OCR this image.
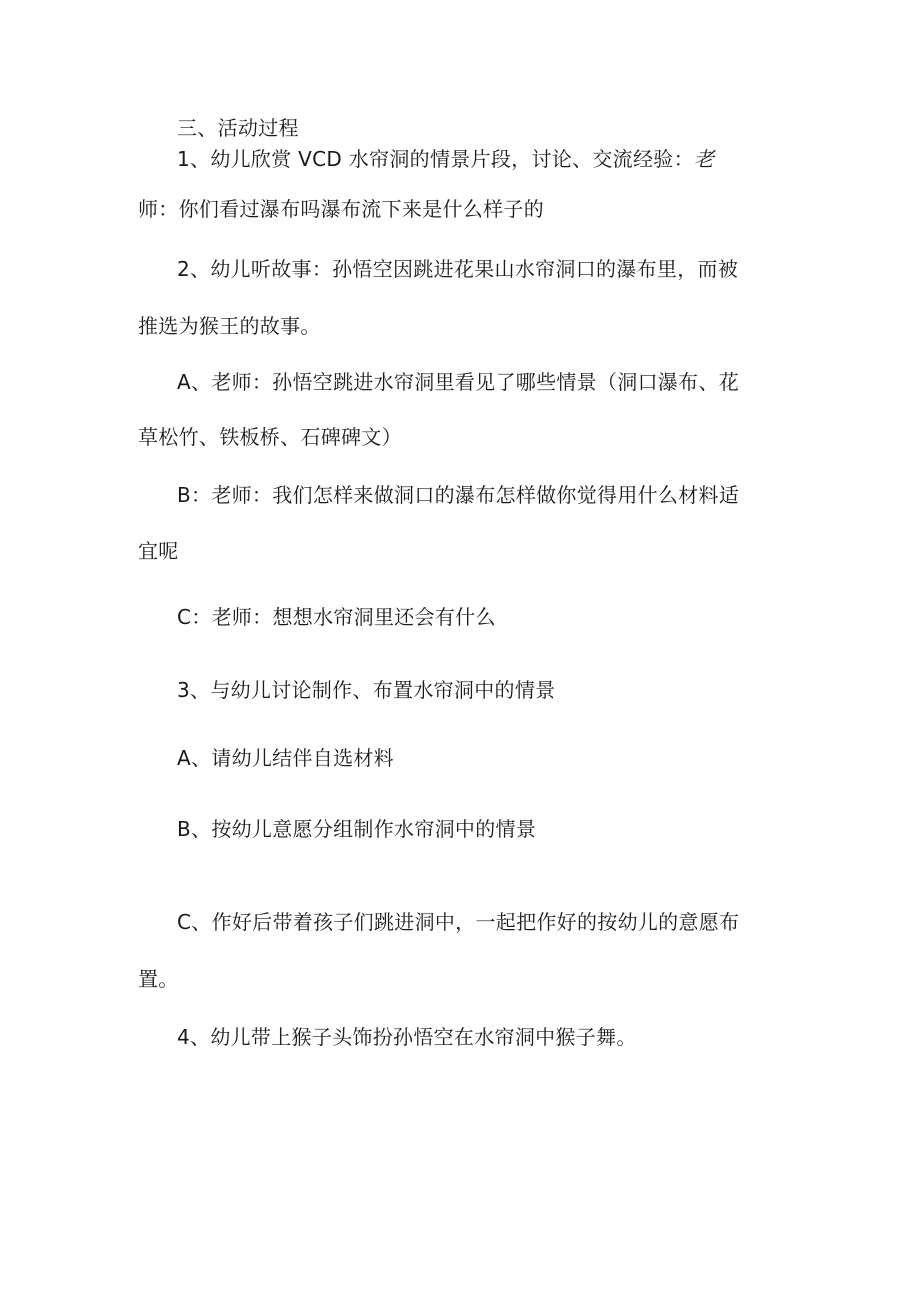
三、活动过程
1、幼儿欣赏 VCD 水帘洞的情景片段，讨论、交流经验：老
师：你们看过瀑布吗瀑布流下来是什么样子的
2、幼儿听故事：孙悟空因跳进花果山水帘洞口的瀑布里，而被
推选为猴王的故事。
A、老师：孙悟空跳进水帘洞里看见了哪些情景（洞口瀑布、花
草松竹、铁板桥、石碑碑文）
B：老师：我们怎样来做洞口的瀑布怎样做你觉得用什么材料适
宜呢
C：老师：想想水帘洞里还会有什么
3、与幼儿讨论制作、布置水帘洞中的情景
A、请幼儿结伴自选材料
B、按幼儿意愿分组制作水帘洞中的情景
C、作好后带着孩子们跳进洞中，一起把作好的按幼儿的意愿布
置。
4、幼儿带上猴子头饰扮孙悟空在水帘洞中猴子舞。
